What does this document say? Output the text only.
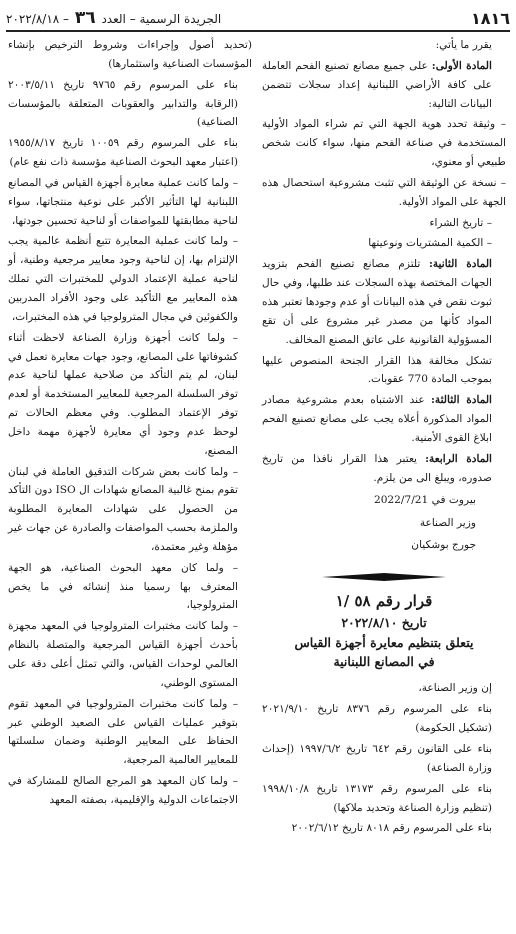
١٨١٦
الجريدة الرسمية – العدد ٣٦ – ٢٠٢٢/٨/١٨

يقرر ما يأتي:

المادة الأولى: على جميع مصانع تصنيع الفحم العاملة على كافة الأراضي اللبنانية إعداد سجلات تتضمن البيانات التالية:

– وثيقة تحدد هوية الجهة التي تم شراء المواد الأولية المستخدمة في صناعة الفحم منها، سواء كانت شخص طبيعي أو معنوي،

– نسخة عن الوثيقة التي تثبت مشروعية استحصال هذه الجهة على المواد الأولية.

– تاريخ الشراء

– الكمية المشتريات ونوعيتها

المادة الثانية: تلتزم مصانع تصنيع الفحم بتزويد الجهات المختصة بهذه السجلات عند طلبها، وفي حال ثبوت نقص في هذه البيانات أو عدم وجودها تعتبر هذه المواد كأنها من مصدر غير مشروع على أن تقع المسؤولية القانونية على عاتق المصنع المخالف.

تشكل مخالفة هذا القرار الجنحة المنصوص عليها بموجب المادة 770 عقوبات.

المادة الثالثة: عند الاشتباه بعدم مشروعية مصادر المواد المذكورة أعلاه يجب على مصانع تصنيع الفحم ابلاغ القوى الأمنية.

المادة الرابعة: يعتبر هذا القرار نافذا من تاريخ صدوره، ويبلغ الى من يلزم.

بيروت في 2022/7/21

وزير الصناعة

جورج بوشكيان

قرار رقم ٥٨ /١
تاريخ ٢٠٢٢/٨/١٠
يتعلق بتنظيم معايرة أجهزة القياس
في المصانع اللبنانية

إن وزير الصناعة،

بناء على المرسوم رقم ٨٣٧٦ تاريخ ٢٠٢١/٩/١٠ (تشكيل الحكومة)

بناء على القانون رقم ٦٤٢ تاريخ ١٩٩٧/٦/٢ (إحداث وزارة الصناعة)

بناء على المرسوم رقم ١٣١٧٣ تاريخ ١٩٩٨/١٠/٨ (تنظيم وزارة الصناعة وتحديد ملاكها)

بناء على المرسوم رقم ٨٠١٨ تاريخ ٢٠٠٢/٦/١٢

(تحديد أصول وإجراءات وشروط الترخيص بإنشاء المؤسسات الصناعية واستثمارها)

بناء على المرسوم رقم ٩٧٦٥ تاريخ ٢٠٠٣/٥/١١ (الرقابة والتدابير والعقوبات المتعلقة بالمؤسسات الصناعية)

بناء على المرسوم رقم ١٠٠٥٩ تاريخ ١٩٥٥/٨/١٧ (اعتبار معهد البحوث الصناعية مؤسسة ذات نفع عام)

– ولما كانت عملية معايرة أجهزة القياس في المصانع اللبنانية لها التأثير الأكبر على نوعية منتجاتها، سواء لناحية مطابقتها للمواصفات أو لناحية تحسين جودتها،

– ولما كانت عملية المعايرة تتبع أنظمة عالمية يجب الإلتزام بها، إن لناحية وجود معايير مرجعية وطنية، أو لناحية عملية الإعتماد الدولي للمختبرات التي تملك هذه المعايير مع التأكيد على وجود الأفراد المدربين والكفوئين في مجال المترولوجيا في هذه المختبرات،

– ولما كانت أجهزة وزارة الصناعة لاحظت أثناء كشوفاتها على المصانع، وجود جهات معايرة تعمل في لبنان، لم يتم التأكد من صلاحية عملها لناحية عدم توفر السلسلة المرجعية للمعايير المستخدمة أو لعدم توفر الإعتماد المطلوب. وفي معظم الحالات تم لوحظ عدم وجود أي معايرة لأجهزة مهمة داخل المصنع،

– ولما كانت بعض شركات التدقيق العاملة في لبنان تقوم بمنح غالبية المصانع شهادات ال ISO دون التأكد من الحصول على شهادات المعايرة المطلوبة والملزمة بحسب المواصفات والصادرة عن جهات غير مؤهلة وغير معتمدة،

– ولما كان معهد البحوث الصناعية، هو الجهة المعترف بها رسميا منذ إنشائه في ما يخص المترولوجيا،

– ولما كانت مختبرات المترولوجيا في المعهد مجهزة بأحدث أجهزة القياس المرجعية والمتصلة بالنظام العالمي لوحدات القياس، والتي تمثل أعلى دقة على المستوى الوطني،

– ولما كانت مختبرات المترولوجيا في المعهد تقوم بتوفير عمليات القياس على الصعيد الوطني عبر الحفاظ على المعايير الوطنية وضمان سلسلتها للمعايير العالمية المرجعية،

– ولما كان المعهد هو المرجع الصالح للمشاركة في الاجتماعات الدولية والإقليمية، بصفته المعهد
